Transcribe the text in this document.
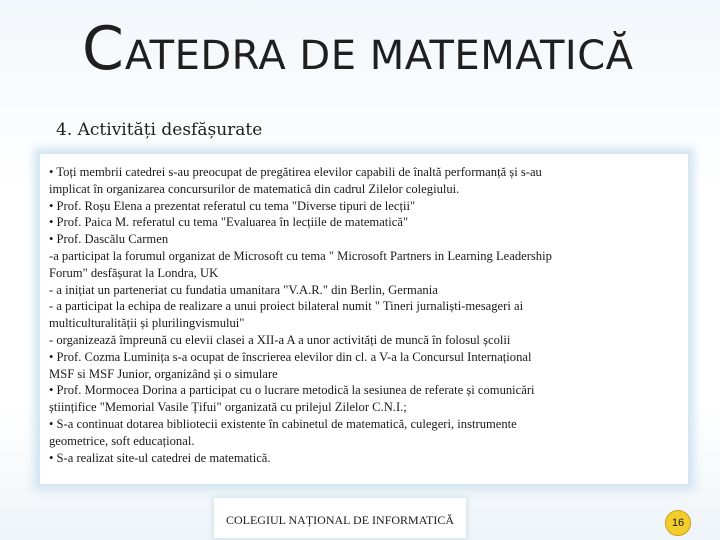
CATEDRA DE MATEMATICĂ
4. Activități desfășurate
• Toți membrii catedrei s-au preocupat de pregătirea elevilor capabili de înaltă performanță și s-au
implicat în organizarea concursurilor de matematică din cadrul Zilelor colegiului.
• Prof. Roșu Elena a prezentat referatul cu tema "Diverse tipuri de lecții"
• Prof. Paica M. referatul cu tema "Evaluarea în lecțiile de matematică"
• Prof. Dascălu Carmen
-a participat la forumul organizat de Microsoft cu tema " Microsoft Partners in Learning Leadership
Forum" desfășurat la Londra, UK
- a inițiat un parteneriat cu fundatia umanitara "V.A.R." din Berlin, Germania
- a participat la echipa de realizare a unui proiect bilateral numit " Tineri jurnaliști-mesageri ai
multiculturalității și plurilingvismului"
- organizează împreună cu elevii clasei a XII-a A a unor activități de muncă în folosul școlii
• Prof. Cozma Luminița s-a ocupat de înscrierea elevilor din cl. a V-a la Concursul Internațional
MSF si MSF Junior, organizând și o simulare
• Prof. Mormocea Dorina a participat cu o lucrare metodică la sesiunea de referate și comunicări
științifice "Memorial Vasile Țifui" organizată cu prilejul Zilelor C.N.I.;
• S-a continuat dotarea bibliotecii existente în cabinetul de matematică, culegeri, instrumente
geometrice, soft educațional.
• S-a realizat site-ul catedrei de matematică.
COLEGIUL NAȚIONAL DE INFORMATICĂ	16
